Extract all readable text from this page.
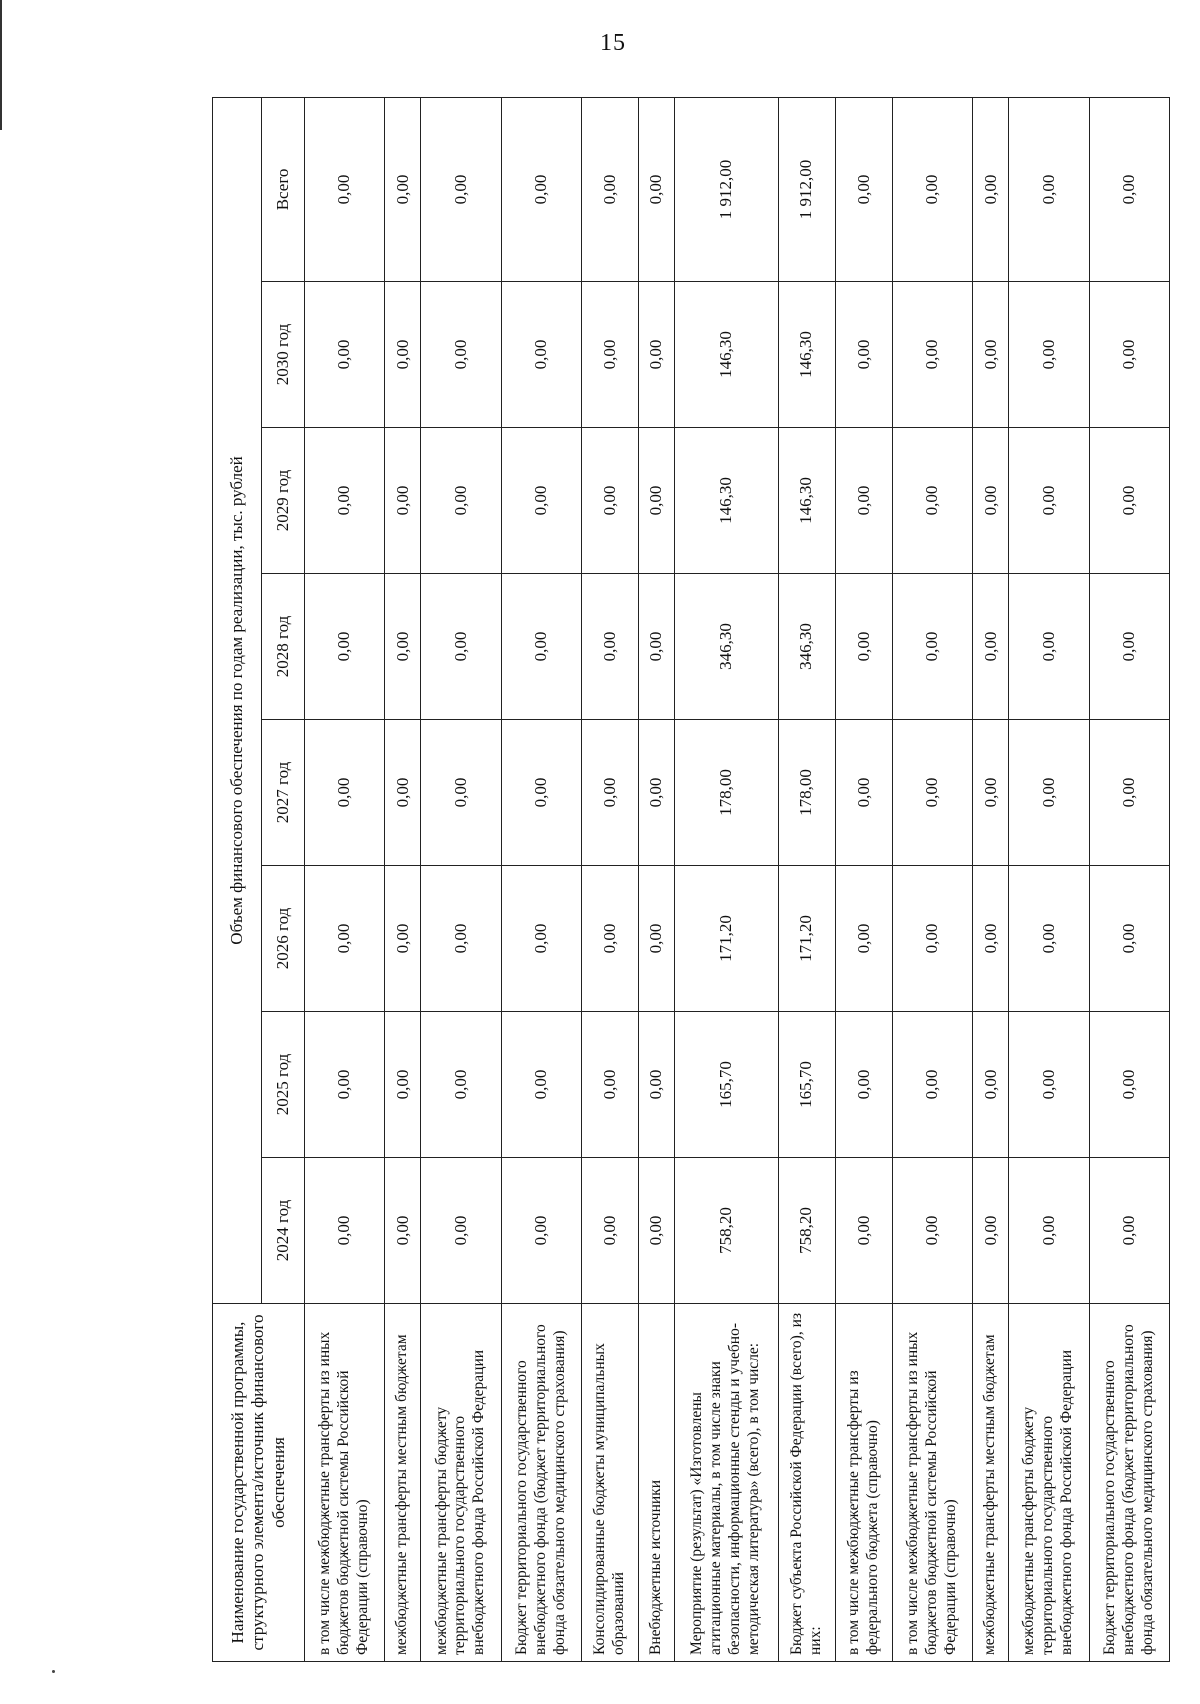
15
Наименование государственной программы, структурного элемента/источник финансового обеспечения	Объем финансового обеспечения по годам реализации, тыс. рублей							
	2024 год	2025 год	2026 год	2027 год	2028 год	2029 год	2030 год	Всего
в том числе межбюджетные трансферты из иных бюджетов бюджетной системы Российской Федерации (справочно)	0,00	0,00	0,00	0,00	0,00	0,00	0,00	0,00
межбюджетные трансферты местным бюджетам	0,00	0,00	0,00	0,00	0,00	0,00	0,00	0,00
межбюджетные трансферты бюджету территориального государственного внебюджетного фонда Российской Федерации	0,00	0,00	0,00	0,00	0,00	0,00	0,00	0,00
Бюджет территориального государственного внебюджетного фонда (бюджет территориального фонда обязательного медицинского страхования)	0,00	0,00	0,00	0,00	0,00	0,00	0,00	0,00
Консолидированные бюджеты муниципальных образований	0,00	0,00	0,00	0,00	0,00	0,00	0,00	0,00
Внебюджетные источники	0,00	0,00	0,00	0,00	0,00	0,00	0,00	0,00
Мероприятие (результат) «Изготовлены агитационные материалы, в том числе знаки безопасности, информационные стенды и учебно-методическая литература» (всего), в том числе:	758,20	165,70	171,20	178,00	346,30	146,30	146,30	1 912,00
Бюджет субъекта Российской Федерации (всего), из них:	758,20	165,70	171,20	178,00	346,30	146,30	146,30	1 912,00
в том числе межбюджетные трансферты из федерального бюджета (справочно)	0,00	0,00	0,00	0,00	0,00	0,00	0,00	0,00
в том числе межбюджетные трансферты из иных бюджетов бюджетной системы Российской Федерации (справочно)	0,00	0,00	0,00	0,00	0,00	0,00	0,00	0,00
межбюджетные трансферты местным бюджетам	0,00	0,00	0,00	0,00	0,00	0,00	0,00	0,00
межбюджетные трансферты бюджету территориального государственного внебюджетного фонда Российской Федерации	0,00	0,00	0,00	0,00	0,00	0,00	0,00	0,00
Бюджет территориального государственного внебюджетного фонда (бюджет территориального фонда обязательного медицинского страхования)	0,00	0,00	0,00	0,00	0,00	0,00	0,00	0,00
